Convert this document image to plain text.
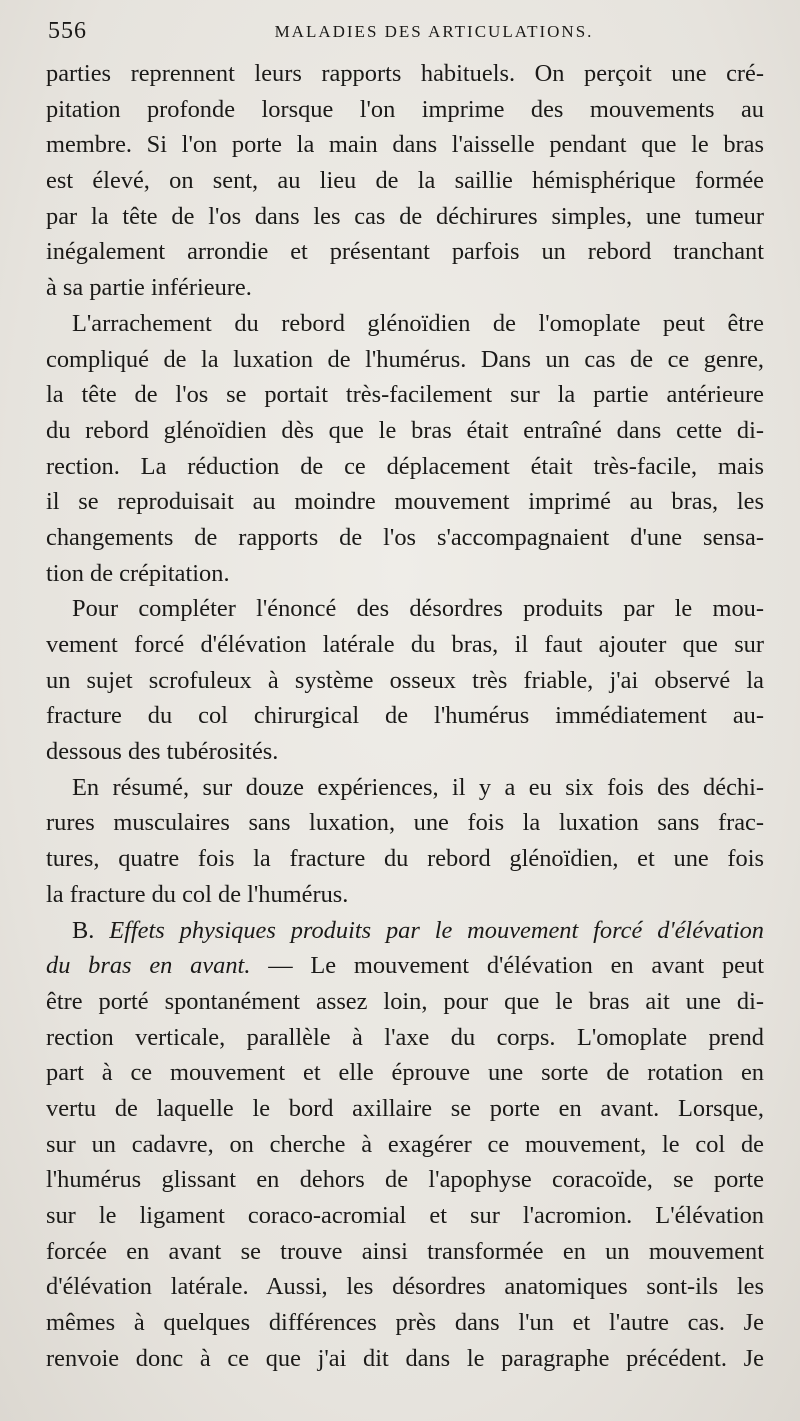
556	MALADIES DES ARTICULATIONS.
parties reprennent leurs rapports habituels. On perçoit une cré-
pitation profonde lorsque l'on imprime des mouvements au
membre. Si l'on porte la main dans l'aisselle pendant que le bras
est élevé, on sent, au lieu de la saillie hémisphérique formée
par la tête de l'os dans les cas de déchirures simples, une tumeur
inégalement arrondie et présentant parfois un rebord tranchant
à sa partie inférieure.
L'arrachement du rebord glénoïdien de l'omoplate peut être
compliqué de la luxation de l'humérus. Dans un cas de ce genre,
la tête de l'os se portait très-facilement sur la partie antérieure
du rebord glénoïdien dès que le bras était entraîné dans cette di-
rection. La réduction de ce déplacement était très-facile, mais
il se reproduisait au moindre mouvement imprimé au bras, les
changements de rapports de l'os s'accompagnaient d'une sensa-
tion de crépitation.
Pour compléter l'énoncé des désordres produits par le mou-
vement forcé d'élévation latérale du bras, il faut ajouter que sur
un sujet scrofuleux à système osseux très friable, j'ai observé la
fracture du col chirurgical de l'humérus immédiatement au-
dessous des tubérosités.
En résumé, sur douze expériences, il y a eu six fois des déchi-
rures musculaires sans luxation, une fois la luxation sans frac-
tures, quatre fois la fracture du rebord glénoïdien, et une fois
la fracture du col de l'humérus.
B. Effets physiques produits par le mouvement forcé d'élévation
du bras en avant. — Le mouvement d'élévation en avant peut
être porté spontanément assez loin, pour que le bras ait une di-
rection verticale, parallèle à l'axe du corps. L'omoplate prend
part à ce mouvement et elle éprouve une sorte de rotation en
vertu de laquelle le bord axillaire se porte en avant. Lorsque,
sur un cadavre, on cherche à exagérer ce mouvement, le col de
l'humérus glissant en dehors de l'apophyse coracoïde, se porte
sur le ligament coraco-acromial et sur l'acromion. L'élévation
forcée en avant se trouve ainsi transformée en un mouvement
d'élévation latérale. Aussi, les désordres anatomiques sont-ils les
mêmes à quelques différences près dans l'un et l'autre cas. Je
renvoie donc à ce que j'ai dit dans le paragraphe précédent. Je
